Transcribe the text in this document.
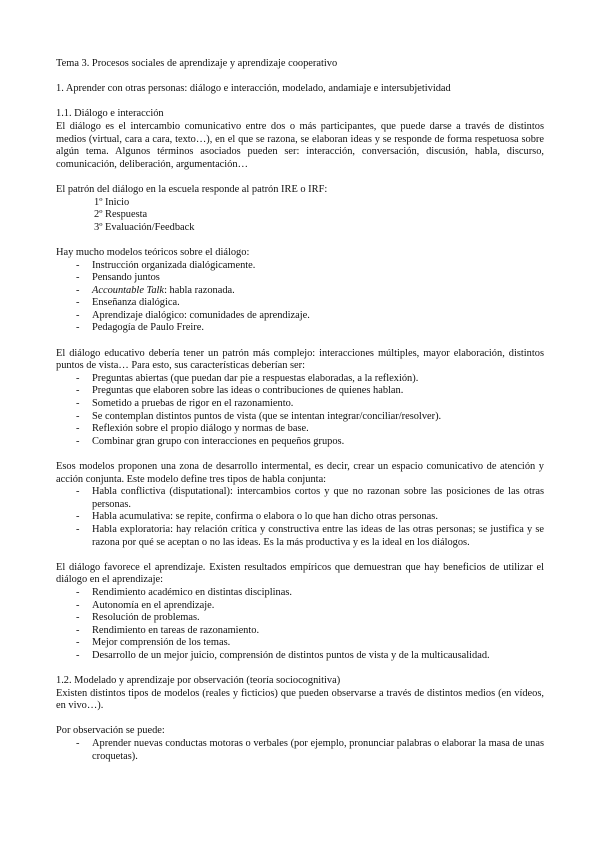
Tema 3. Procesos sociales de aprendizaje y aprendizaje cooperativo

1. Aprender con otras personas: diálogo e interacción, modelado, andamiaje e intersubjetividad

1.1. Diálogo e interacción

El diálogo es el intercambio comunicativo entre dos o más participantes, que puede darse a través de distintos medios (virtual, cara a cara, texto…), en el que se razona, se elaboran ideas y se responde de forma respetuosa sobre algún tema. Algunos términos asociados pueden ser: interacción, conversación, discusión, habla, discurso, comunicación, deliberación, argumentación…

El patrón del diálogo en la escuela responde al patrón IRE o IRF:

1º Inicio
2º Respuesta
3º Evaluación/Feedback

Hay mucho modelos teóricos sobre el diálogo:

- Instrucción organizada dialógicamente.
- Pensando juntos
- Accountable Talk: habla razonada.
- Enseñanza dialógica.
- Aprendizaje dialógico: comunidades de aprendizaje.
- Pedagogía de Paulo Freire.

El diálogo educativo debería tener un patrón más complejo: interacciones múltiples, mayor elaboración, distintos puntos de vista… Para esto, sus características deberían ser:

- Preguntas abiertas (que puedan dar pie a respuestas elaboradas, a la reflexión).
- Preguntas que elaboren sobre las ideas o contribuciones de quienes hablan.
- Sometido a pruebas de rigor en el razonamiento.
- Se contemplan distintos puntos de vista (que se intentan integrar/conciliar/resolver).
- Reflexión sobre el propio diálogo y normas de base.
- Combinar gran grupo con interacciones en pequeños grupos.

Esos modelos proponen una zona de desarrollo intermental, es decir, crear un espacio comunicativo de atención y acción conjunta. Este modelo define tres tipos de habla conjunta:

- Habla conflictiva (disputational): intercambios cortos y que no razonan sobre las posiciones de las otras personas.
- Habla acumulativa: se repite, confirma o elabora o lo que han dicho otras personas.
- Habla exploratoria: hay relación crítica y constructiva entre las ideas de las otras personas; se justifica y se razona por qué se aceptan o no las ideas. Es la más productiva y es la ideal en los diálogos.

El diálogo favorece el aprendizaje. Existen resultados empíricos que demuestran que hay beneficios de utilizar el diálogo en el aprendizaje:

- Rendimiento académico en distintas disciplinas.
- Autonomía en el aprendizaje.
- Resolución de problemas.
- Rendimiento en tareas de razonamiento.
- Mejor comprensión de los temas.
- Desarrollo de un mejor juicio, comprensión de distintos puntos de vista y de la multicausalidad.

1.2. Modelado y aprendizaje por observación (teoría sociocognitiva)

Existen distintos tipos de modelos (reales y ficticios) que pueden observarse a través de distintos medios (en vídeos, en vivo…).

Por observación se puede:

- Aprender nuevas conductas motoras o verbales (por ejemplo, pronunciar palabras o elaborar la masa de unas croquetas).
